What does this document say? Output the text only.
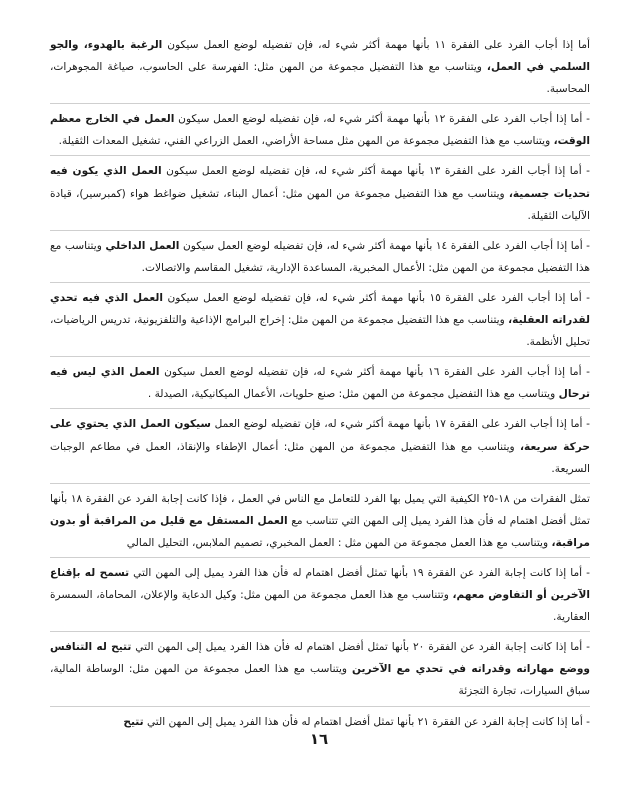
أما إذا أجاب الفرد على الفقرة ١١ بأنها مهمة أكثر شيء له، فإن تفضيله لوضع العمل سيكون الرغبة بالهدوء، والجو السلمي في العمل، ويتناسب مع هذا التفضيل مجموعة من المهن مثل: الفهرسة على الحاسوب، صياغة المجوهرات، المحاسبة.

- أما إذا أجاب الفرد على الفقرة ١٢ بأنها مهمة أكثر شيء له، فإن تفضيله لوضع العمل سيكون العمل في الخارج معظم الوقت، ويتناسب مع هذا التفضيل مجموعة من المهن مثل مساحة الأراضي، العمل الزراعي الفني، تشغيل المعدات الثقيلة.

- أما إذا أجاب الفرد على الفقرة ١٣ بأنها مهمة أكثر شيء له، فإن تفضيله لوضع العمل سيكون العمل الذي يكون فيه تحديات جسمية، ويتناسب مع هذا التفضيل مجموعة من المهن مثل: أعمال البناء، تشغيل ضواغط هواء (كمبرسير)، قيادة الآليات الثقيلة.

- أما إذا أجاب الفرد على الفقرة ١٤ بأنها مهمة أكثر شيء له، فإن تفضيله لوضع العمل سيكون العمل الداخلي ويتناسب مع هذا التفضيل مجموعة من المهن مثل: الأعمال المخبرية، المساعدة الإدارية، تشغيل المقاسم والاتصالات.

- أما إذا أجاب الفرد على الفقرة ١٥ بأنها مهمة أكثر شيء له، فإن تفضيله لوضع العمل سيكون العمل الذي فيه تحدي لقدراته العقلية، ويتناسب مع هذا التفضيل مجموعة من المهن مثل: إخراج البرامج الإذاعية والتلفزيونية، تدريس الرياضيات، تحليل الأنظمة.

- أما إذا أجاب الفرد على الفقرة ١٦ بأنها مهمة أكثر شيء له، فإن تفضيله لوضع العمل سيكون العمل الذي ليس فيه ترحال ويتناسب مع هذا التفضيل مجموعة من المهن مثل: صنع حلويات، الأعمال الميكانيكية، الصيدلة .

- أما إذا أجاب الفرد على الفقرة ١٧ بأنها مهمة أكثر شيء له، فإن تفضيله لوضع العمل سيكون العمل الذي يحتوي على حركة سريعة، ويتناسب مع هذا التفضيل مجموعة من المهن مثل: أعمال الإطفاء والإنقاذ، العمل في مطاعم الوجبات السريعة.

تمثل الفقرات من ١٨-٢٥ الكيفية التي يميل بها الفرد للتعامل مع الناس في العمل ، فإذا كانت إجابة الفرد عن الفقرة ١٨ بأنها تمثل أفضل اهتمام له فأن هذا الفرد يميل إلى المهن التي تتناسب مع العمل المستقل مع قليل من المراقبة أو بدون مراقبة، ويتناسب مع هذا العمل مجموعة من المهن مثل : العمل المخبري، تصميم الملابس، التحليل المالي

- أما إذا كانت إجابة الفرد عن الفقرة ١٩ بأنها تمثل أفضل اهتمام له فأن هذا الفرد يميل إلى المهن التي تسمح له بإقناع الآخرين أو التفاوض معهم، وتتناسب مع هذا العمل مجموعة من المهن مثل: وكيل الدعاية والإعلان، المحاماة، السمسرة العقارية.

- أما إذا كانت إجابة الفرد عن الفقرة ٢٠ بأنها تمثل أفضل اهتمام له فأن هذا الفرد يميل إلى المهن التي تتيح له التنافس ووضع مهاراته وقدراته في تحدي مع الآخرين ويتناسب مع هذا العمل مجموعة من المهن مثل: الوساطة المالية، سباق السيارات، تجارة التجزئة

- أما إذا كانت إجابة الفرد عن الفقرة ٢١ بأنها تمثل أفضل اهتمام له فأن هذا الفرد يميل إلى المهن التي تتيح

١٦
